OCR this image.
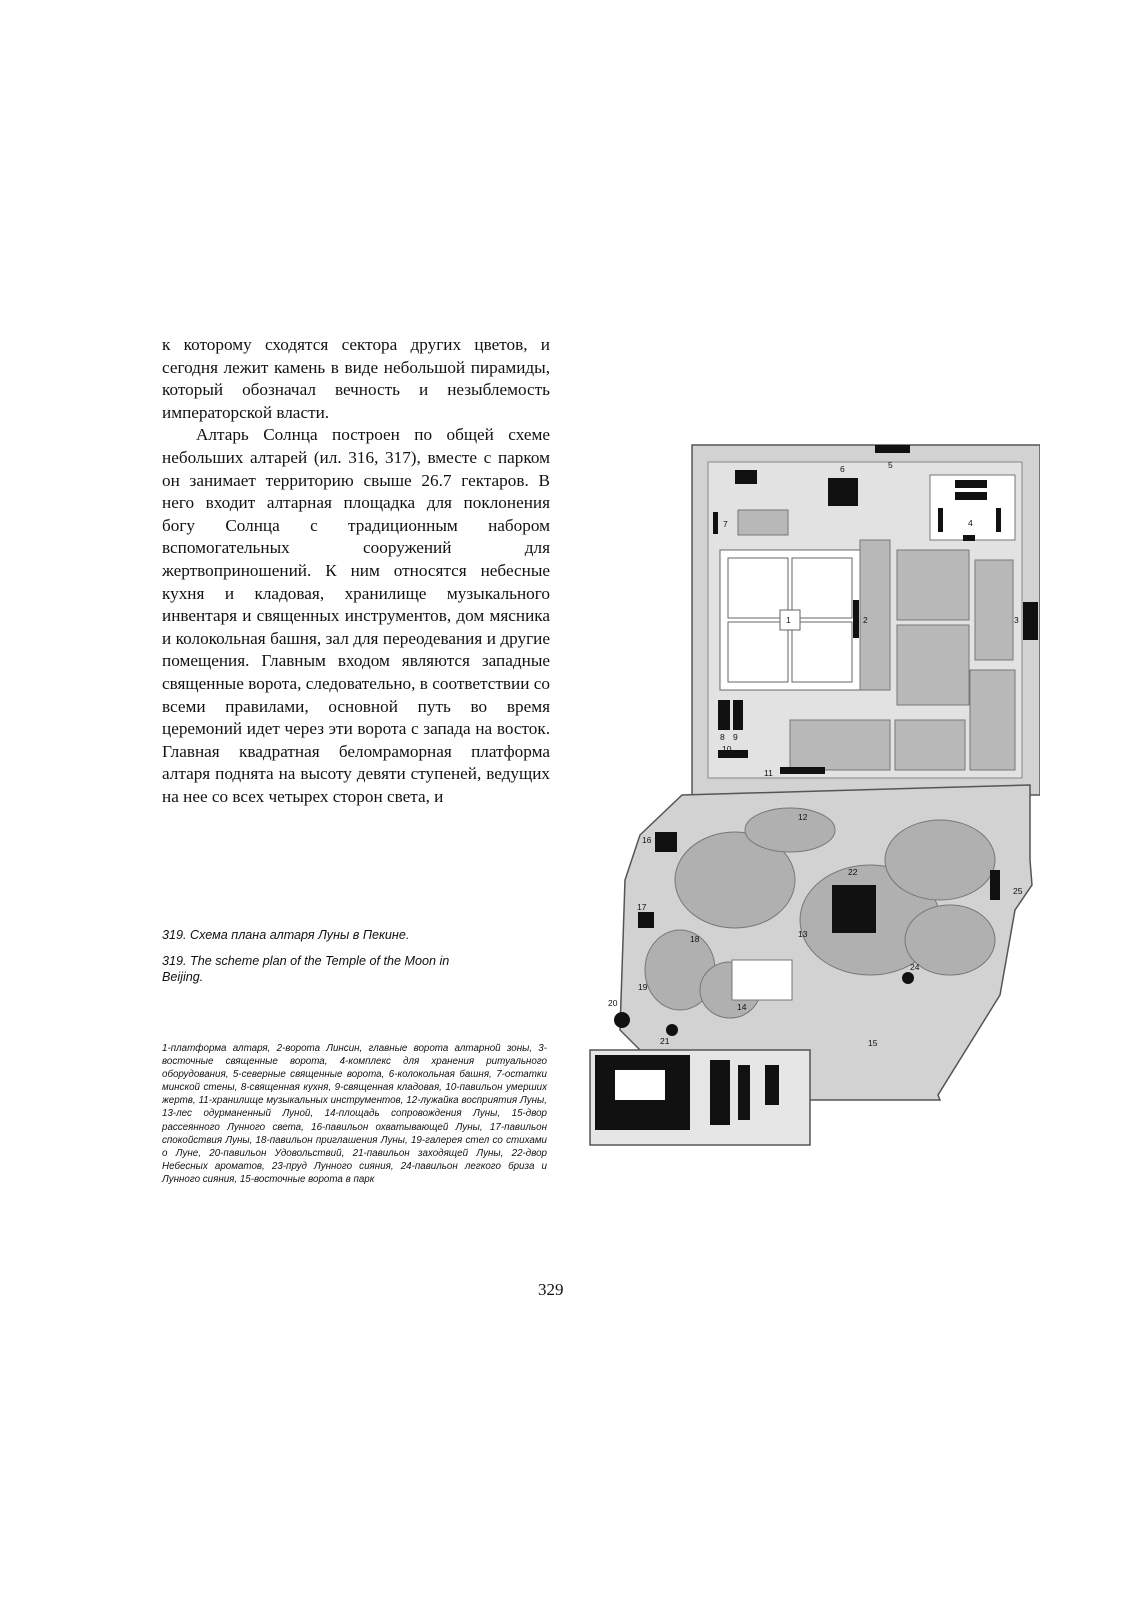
к которому сходятся сектора других цветов, и сегодня лежит камень в виде небольшой пирамиды, который обозначал вечность и незыблемость императорской власти.

Алтарь Солнца построен по общей схеме небольших алтарей (ил. 316, 317), вместе с парком он занимает территорию свыше 26.7 гектаров. В него входит алтарная площадка для поклонения богу Солнца с традиционным набором вспомогательных сооружений для жертвоприношений. К ним относятся небесные кухня и кладовая, хранилище музыкального инвентаря и священных инструментов, дом мясника и колокольная башня, зал для переодевания и другие помещения. Главным входом являются западные священные ворота, следовательно, в соответствии со всеми правилами, основной путь во время церемоний идет через эти ворота с запада на восток. Главная квадратная беломраморная платформа алтаря поднята на высоту девяти ступеней, ведущих на нее со всех четырех сторон света, и

319. Схема плана алтаря Луны в Пекине.
319. The scheme plan of the Temple of the Moon in Beijing.
1-платформа алтаря, 2-ворота Линсин, главные ворота алтарной зоны, 3-восточные священные ворота, 4-комплекс для хранения ритуального оборудования, 5-северные священные ворота, 6-колокольная башня, 7-остатки минской стены, 8-священная кухня, 9-священная кладовая, 10-павильон умерших жертв, 11-хранилище музыкальных инструментов, 12-лужайка восприятия Луны, 13-лес одурманенный Луной, 14-площадь сопровождения Луны, 15-двор рассеянного Лунного света, 16-павильон охватывающей Луны, 17-павильон спокойствия Луны, 18-павильон приглашения Луны, 19-галерея стел со стихами о Луне, 20-павильон Удовольствий, 21-павильон заходящей Луны, 22-двор Небесных ароматов, 23-пруд Лунного сияния, 24-павильон легкого бриза и Лунного сияния, 15-восточные ворота в парк
1	2	3
4
5
6
7
8 9
10
11
12
13
14
15
16
17
18
19
20
21
22
23
24
25
329
